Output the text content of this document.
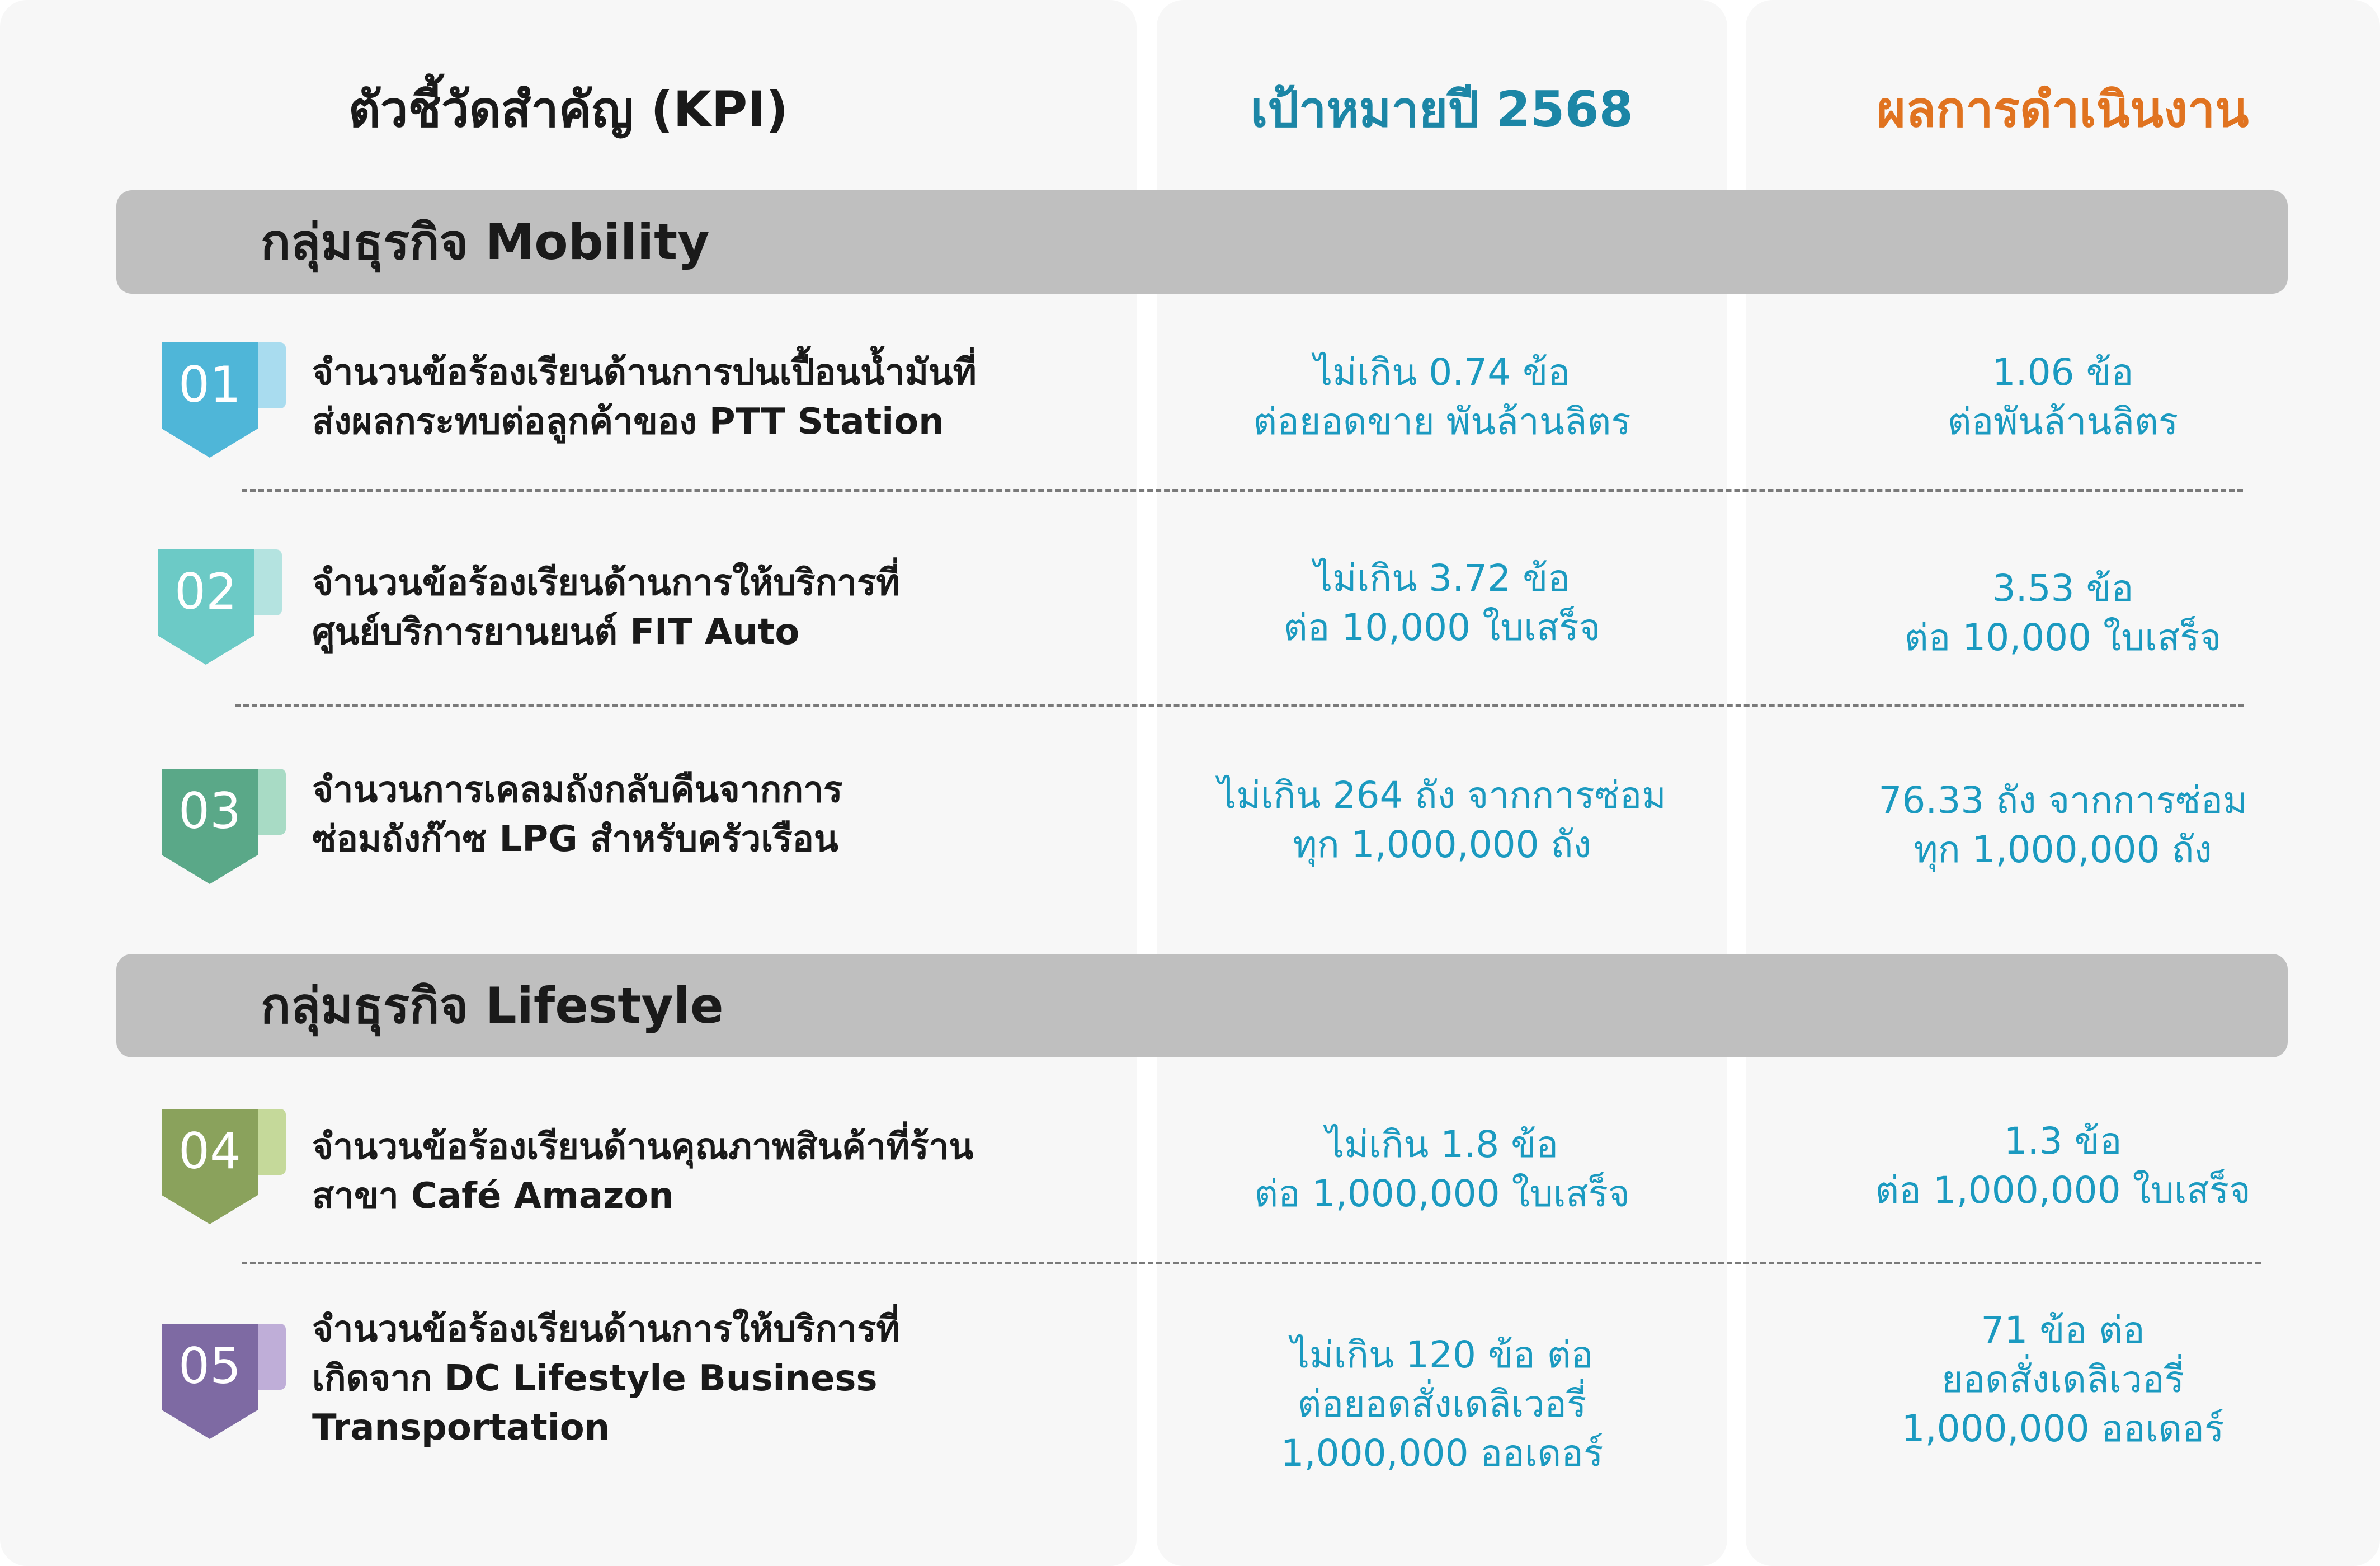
ตัวชี้วัดสำคัญ (KPI)	เป้าหมายปี 2568	ผลการดำเนินงาน
กลุ่มธุรกิจ Mobility
กลุ่มธุรกิจ Lifestyle
01 จำนวนข้อร้องเรียนด้านการปนเปื้อนน้ำมันที่
ส่งผลกระทบต่อลูกค้าของ PTT Station
ไม่เกิน 0.74 ข้อ
ต่อยอดขาย พันล้านลิตร
1.06 ข้อ
ต่อพันล้านลิตร
02 จำนวนข้อร้องเรียนด้านการให้บริการที่
ศูนย์บริการยานยนต์ FIT Auto
ไม่เกิน 3.72 ข้อ
ต่อ 10,000 ใบเสร็จ
3.53 ข้อ
ต่อ 10,000 ใบเสร็จ
03 จำนวนการเคลมถังกลับคืนจากการ
ซ่อมถังก๊าซ LPG สำหรับครัวเรือน
ไม่เกิน 264 ถัง จากการซ่อม
ทุก 1,000,000 ถัง
76.33 ถัง จากการซ่อม
ทุก 1,000,000 ถัง
04 จำนวนข้อร้องเรียนด้านคุณภาพสินค้าที่ร้าน
สาขา Café Amazon
ไม่เกิน 1.8 ข้อ
ต่อ 1,000,000 ใบเสร็จ
1.3 ข้อ
ต่อ 1,000,000 ใบเสร็จ
05
จำนวนข้อร้องเรียนด้านการให้บริการที่
เกิดจาก DC Lifestyle Business
Transportation
ไม่เกิน 120 ข้อ ต่อ
ต่อยอดสั่งเดลิเวอรี่
1,000,000 ออเดอร์
71 ข้อ ต่อ
ยอดสั่งเดลิเวอรี่
1,000,000 ออเดอร์
